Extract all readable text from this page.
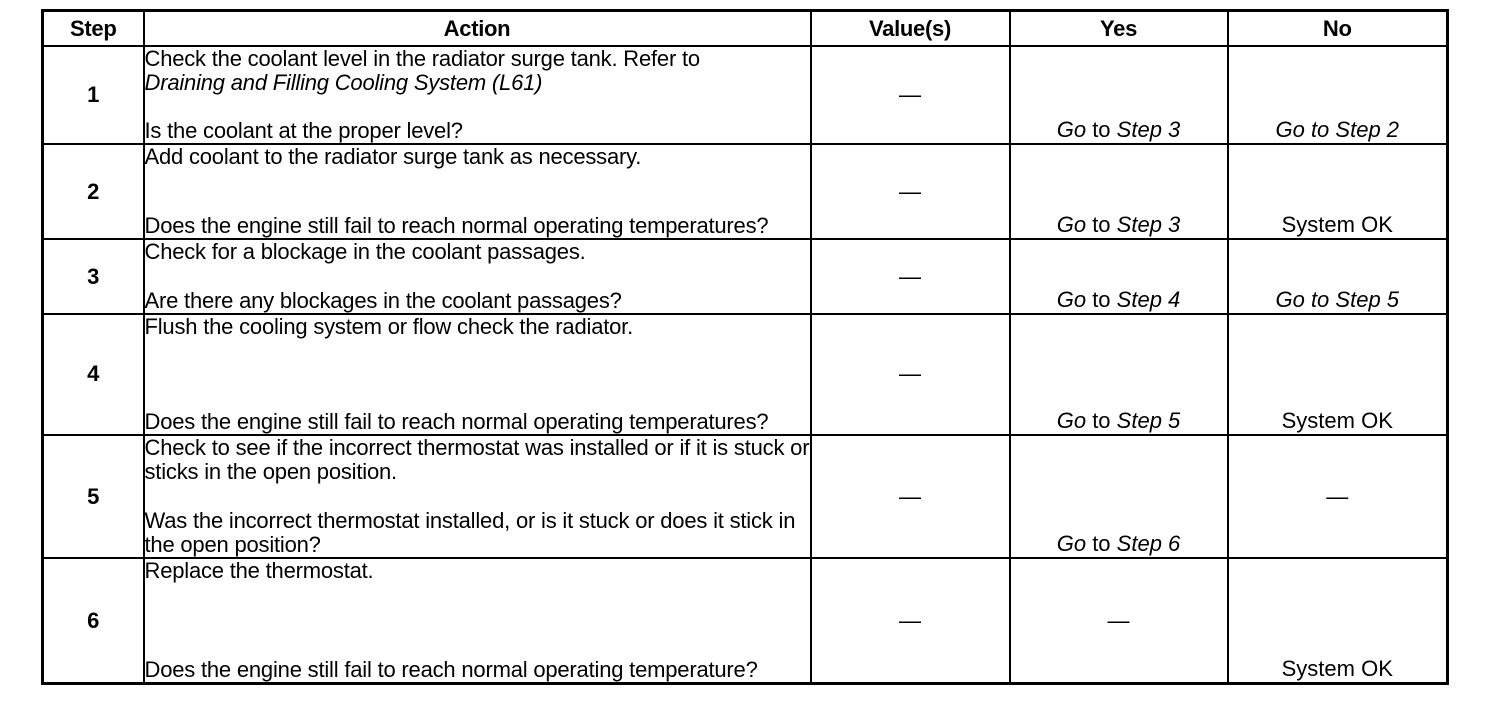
Step	Action	Value(s)	Yes	No
1	Check the coolant level in the radiator surge tank. Refer to

Draining and Filling Cooling System (L61)

Is the coolant at the proper level?	—	Go to Step 3	Go to Step 2
2	Add coolant to the radiator surge tank as necessary.

Does the engine still fail to reach normal operating temperatures?	—	Go to Step 3	System OK
3	Check for a blockage in the coolant passages.

Are there any blockages in the coolant passages?	—	Go to Step 4	Go to Step 5
4	Flush the cooling system or flow check the radiator.

Does the engine still fail to reach normal operating temperatures?	—	Go to Step 5	System OK
5	Check to see if the incorrect thermostat was installed or if it is stuck or sticks in the open position.

Was the incorrect thermostat installed, or is it stuck or does it stick in the open position?	—	Go to Step 6	—
6	Replace the thermostat.

Does the engine still fail to reach normal operating temperature?	—	—	System OK
